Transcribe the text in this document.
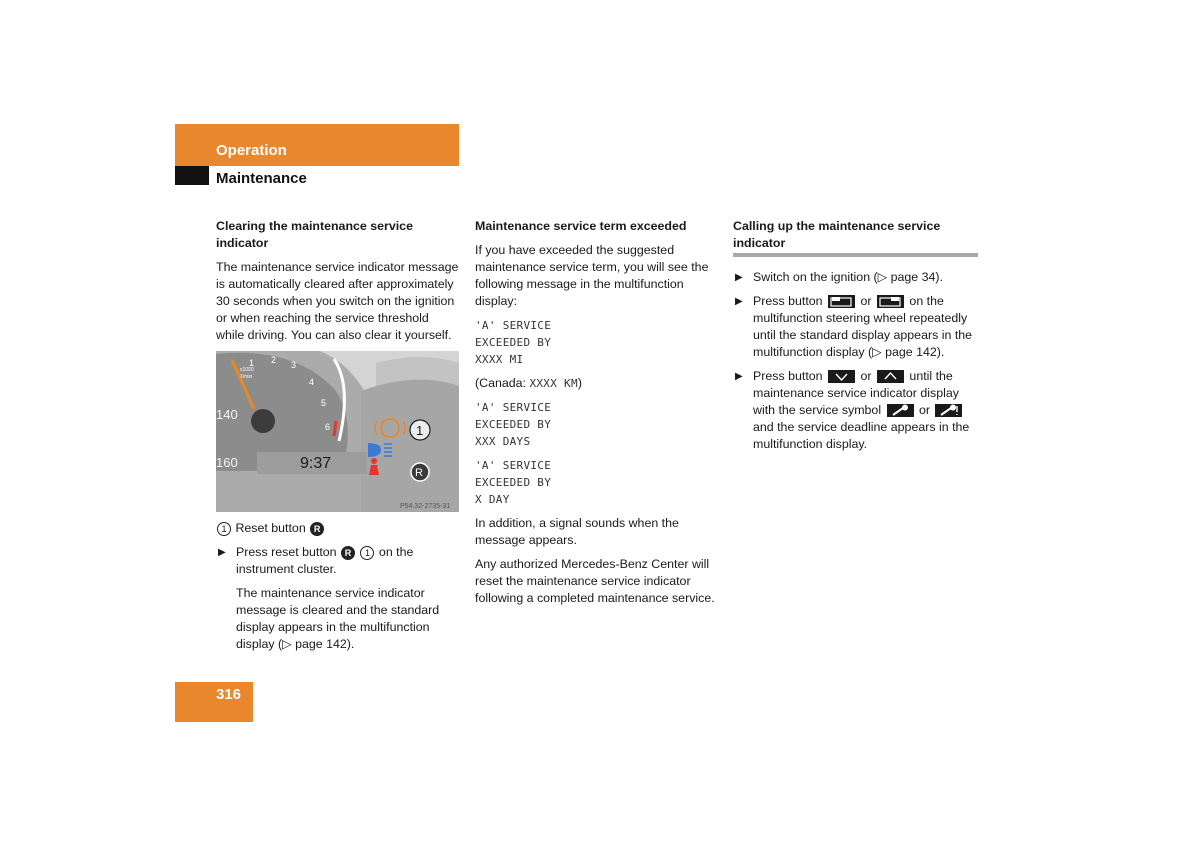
Operation
Maintenance
Clearing the maintenance service indicator

The maintenance service indicator message is automatically cleared after approximately 30 seconds when you switch on the ignition or when reaching the service threshold while driving. You can also clear it yourself.

9:37
140
160
1 2 3
4
5
6
x1000
1/min
1
R
P54.32-2735-31

1 Reset button R

▶ Press reset button R 1 on the instrument cluster.

The maintenance service indicator message is cleared and the standard display appears in the multifunction display (▷ page 142).

Maintenance service term exceeded

If you have exceeded the suggested maintenance service term, you will see the following message in the multifunction display:

'A' SERVICE
EXCEEDED BY
XXXX MI

(Canada: XXXX KM)

'A' SERVICE
EXCEEDED BY
XXX DAYS
'A' SERVICE
EXCEEDED BY
X DAY

In addition, a signal sounds when the message appears.

Any authorized Mercedes-Benz Center will reset the maintenance service indicator following a completed maintenance service.

Calling up the maintenance service indicator
▶ Switch on the ignition (▷ page 34).
▶ Press button	or	on the multifunction steering wheel repeatedly until the standard display appears in the multifunction display (▷ page 142).
▶ Press button	or	until the maintenance service indicator display with the service symbol	or
and the service deadline appears in the multifunction display.
316
